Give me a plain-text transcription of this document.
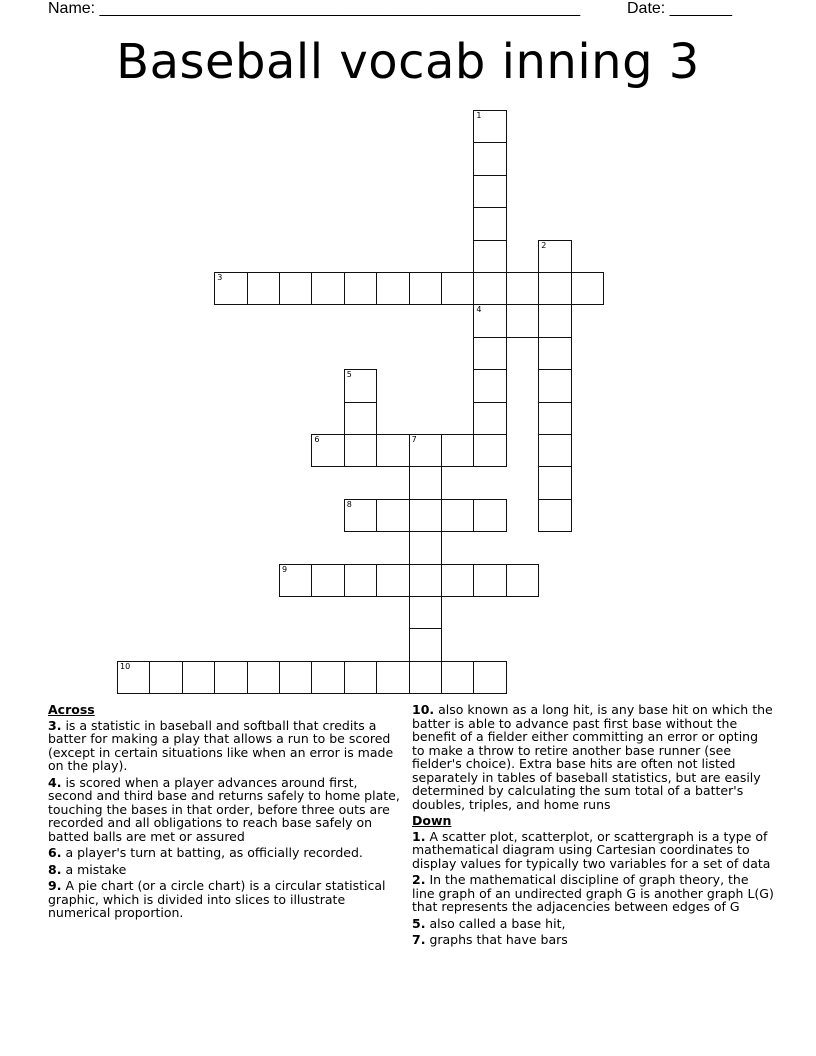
Name: ______________________________________________________	Date: _______
Baseball vocab inning 3
1
4
2
3
5
6	7
8
9
10
Across
3. is a statistic in baseball and softball that credits a batter for making a play that allows a run to be scored (except in certain situations like when an error is made on the play).
4. is scored when a player advances around first, second and third base and returns safely to home plate, touching the bases in that order, before three outs are recorded and all obligations to reach base safely on batted balls are met or assured
6. a player's turn at batting, as officially recorded.
8. a mistake
9. A pie chart (or a circle chart) is a circular statistical graphic, which is divided into slices to illustrate numerical proportion.
10. also known as a long hit, is any base hit on which the batter is able to advance past first base without the benefit of a fielder either committing an error or opting to make a throw to retire another base runner (see fielder's choice). Extra base hits are often not listed separately in tables of baseball statistics, but are easily determined by calculating the sum total of a batter's doubles, triples, and home runs
Down
1. A scatter plot, scatterplot, or scattergraph is a type of mathematical diagram using Cartesian coordinates to display values for typically two variables for a set of data
2. In the mathematical discipline of graph theory, the line graph of an undirected graph G is another graph L(G) that represents the adjacencies between edges of G
5. also called a base hit,
7. graphs that have bars
